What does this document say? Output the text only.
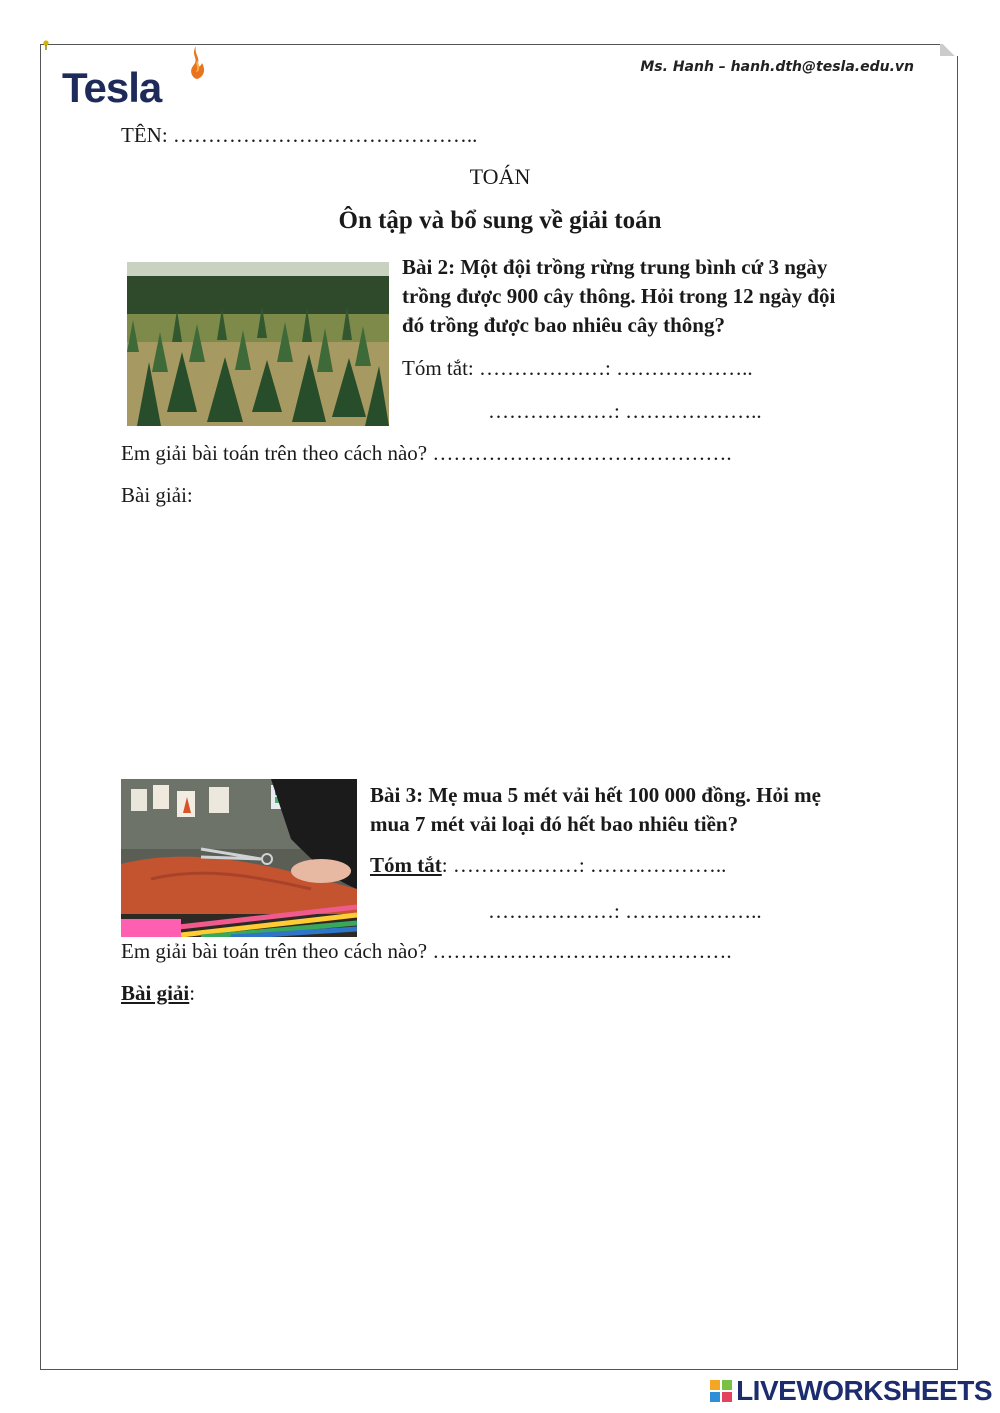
Tesla	Ms. Hanh – hanh.dth@tesla.edu.vn
TÊN: ……………………………………..
TOÁN
Ôn tập và bổ sung về giải toán
Bài 2: Một đội trồng rừng trung bình cứ 3 ngày
trồng được 900 cây thông. Hỏi trong 12 ngày đội
đó trồng được bao nhiêu cây thông?
Tóm tắt: ………………: ………………..
………………: ………………..
Em giải bài toán trên theo cách nào? …………………………………….
Bài giải:
Bài 3: Mẹ mua 5 mét vải hết 100 000 đồng. Hỏi mẹ
mua 7 mét vải loại đó hết bao nhiêu tiền?
Tóm tắt: ………………: ………………..
………………: ………………..
Em giải bài toán trên theo cách nào? …………………………………….
Bài giải:
LIVEWORKSHEETS
